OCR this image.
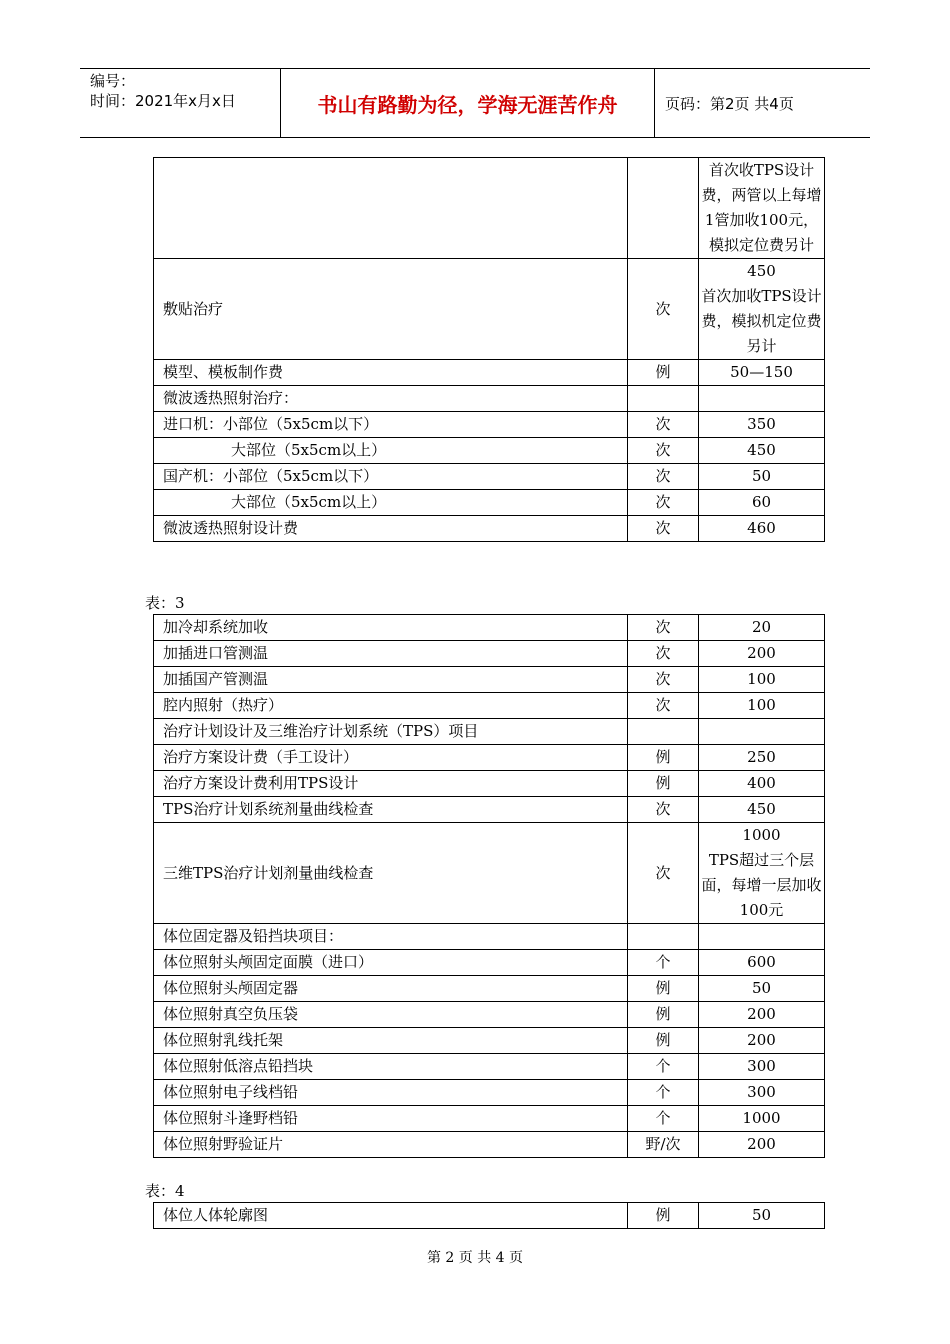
编号：
时间：2021年x月x日	书山有路勤为径，学海无涯苦作舟	页码：第2页 共4页
		首次收TPS设计费，两管以上每增1管加收100元，模拟定位费另计
敷贴治疗	次	450
首次加收TPS设计费，模拟机定位费另计
模型、模板制作费	例	50—150
微波透热照射治疗：		
进口机：小部位（5x5cm以下）	次	350
大部位（5x5cm以上）	次	450
国产机：小部位（5x5cm以下）	次	50
大部位（5x5cm以上）	次	60
微波透热照射设计费	次	460
表：3
加冷却系统加收	次	20
加插进口管测温	次	200
加插国产管测温	次	100
腔内照射（热疗）	次	100
治疗计划设计及三维治疗计划系统（TPS）项目		
治疗方案设计费（手工设计）	例	250
治疗方案设计费利用TPS设计	例	400
TPS治疗计划系统剂量曲线检查	次	450
三维TPS治疗计划剂量曲线检查	次	1000
TPS超过三个层面，每增一层加收100元
体位固定器及铅挡块项目：		
体位照射头颅固定面膜（进口）	个	600
体位照射头颅固定器	例	50
体位照射真空负压袋	例	200
体位照射乳线托架	例	200
体位照射低溶点铅挡块	个	300
体位照射电子线档铅	个	300
体位照射斗逢野档铅	个	1000
体位照射野验证片	野/次	200
表：4
体位人体轮廓图	例	50
第 2 页 共 4 页
